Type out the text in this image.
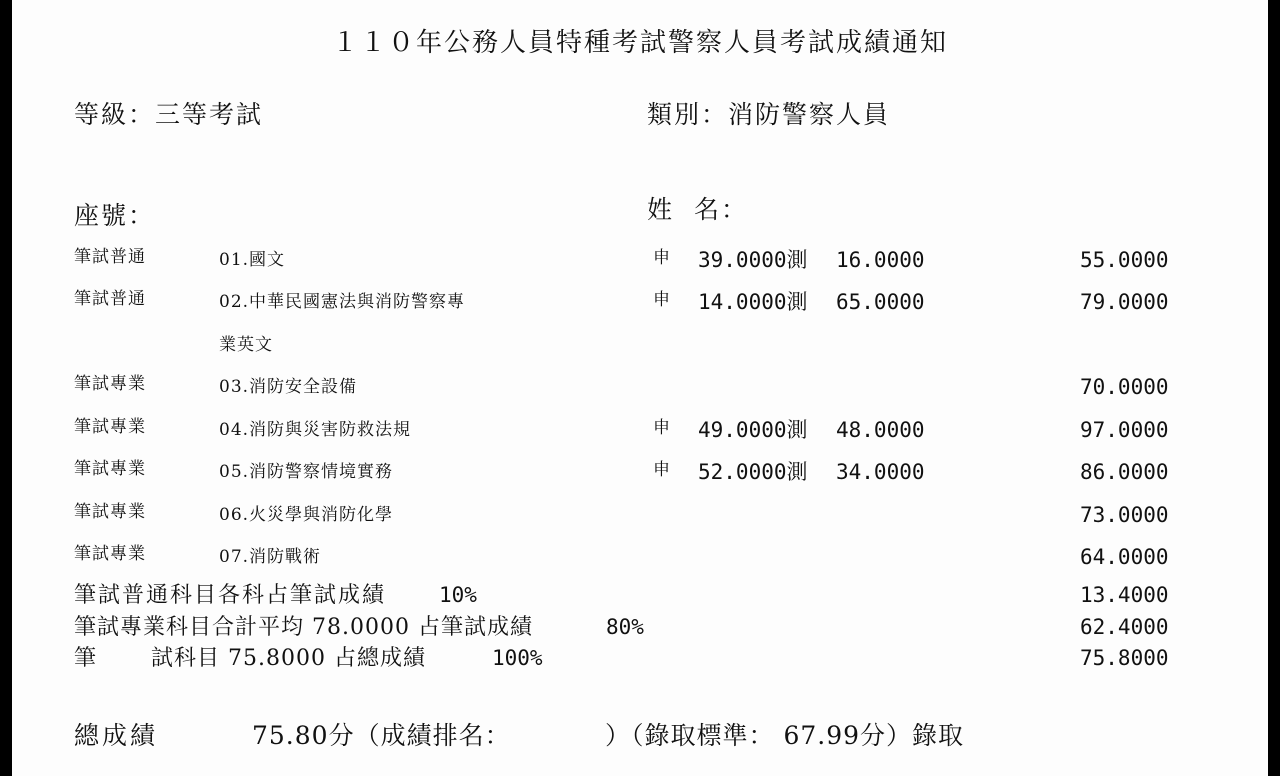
１１０年公務人員特種考試警察人員考試成績通知
等級：三等考試	類別：消防警察人員
座號：	姓 名：
筆試普通	01.國文	申 39.0000測 16.0000	55.0000
筆試普通	02.中華民國憲法與消防警察專	申 14.0000測 65.0000	79.0000
業英文
筆試專業	03.消防安全設備	70.0000
筆試專業	04.消防與災害防救法規	申 49.0000測 48.0000	97.0000
筆試專業	05.消防警察情境實務	申 52.0000測 34.0000	86.0000
筆試專業	06.火災學與消防化學	73.0000
筆試專業	07.消防戰術	64.0000
筆試普通科目各科占筆試成績	10%	13.4000
筆試專業科目合計平均 78.0000 占筆試成績	80%	62.4000
筆 試科目 75.8000 占總成績	100%	75.8000
總成績	75.80分（成績排名：	）（錄取標準： 67.99分）錄取
